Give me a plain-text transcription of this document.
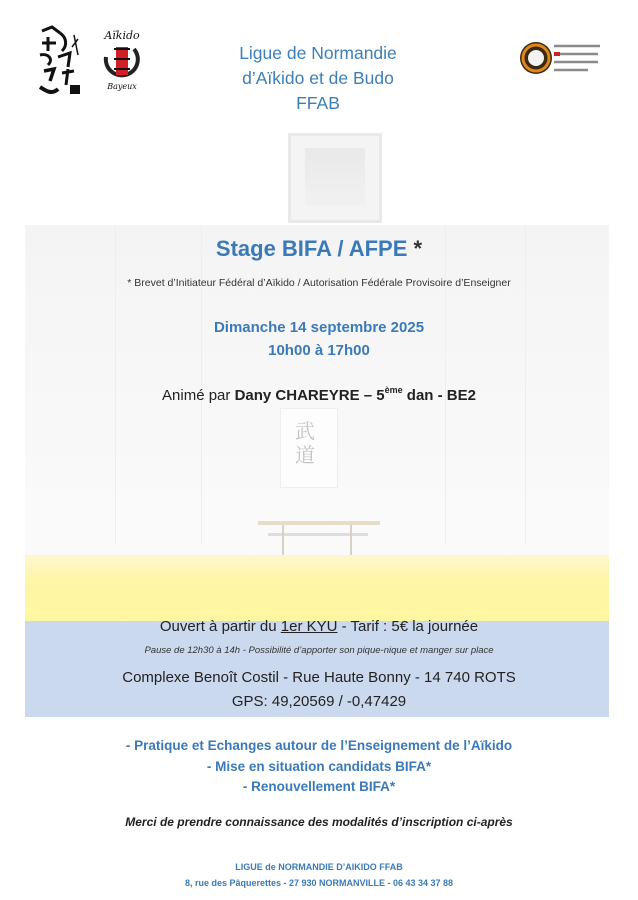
Aïkido
Bayeux
Ligue de Normandie
d’Aïkido et de Budo
FFAB
武
道
Stage BIFA / AFPE *
* Brevet d’Initiateur Fédéral d’Aïkido / Autorisation Fédérale Provisoire d’Enseigner
Dimanche 14 septembre 2025
10h00 à 17h00
Animé par Dany CHAREYRE – 5ème dan - BE2
Ouvert à partir du 1er KYU - Tarif : 5€ la journée
Pause de 12h30 à 14h - Possibilité d’apporter son pique-nique et manger sur place
Complexe Benoît Costil - Rue Haute Bonny - 14 740 ROTS
GPS: 49,20569 / -0,47429
- Pratique et Echanges autour de l’Enseignement de l’Aïkido
- Mise en situation candidats BIFA*
- Renouvellement BIFA*
Merci de prendre connaissance des modalités d’inscription ci-après
LIGUE de NORMANDIE D’AIKIDO FFAB
8, rue des Pâquerettes - 27 930 NORMANVILLE - 06 43 34 37 88
